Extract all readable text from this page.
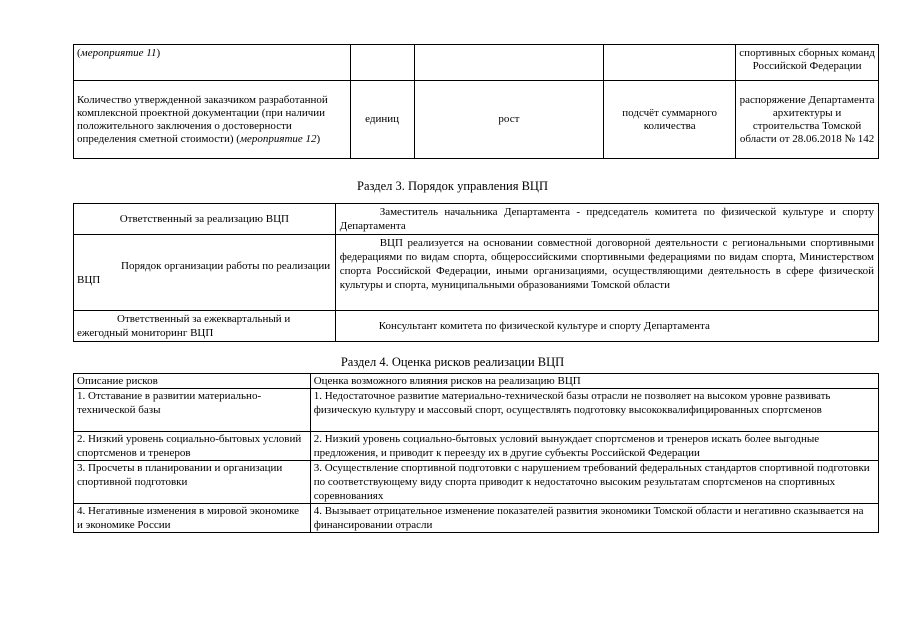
(мероприятие 11)				спортивных сборных команд Российской Федерации
Количество утвержденной заказчиком разработанной комплексной проектной документации (при наличии положительного заключения о достоверности определения сметной стоимости) (мероприятие 12)	единиц	рост	подсчёт суммарного количества	распоряжение Департамента архитектуры и строительства Томской области от 28.06.2018 № 142
Раздел 3. Порядок управления ВЦП
Ответственный за реализацию ВЦП	Заместитель начальника Департамента - председатель комитета по физической культуре и спорту Департамента
Порядок организации работы по реализации ВЦП	ВЦП реализуется на основании совместной договорной деятельности с региональными спортивными федерациями по видам спорта, общероссийскими спортивными федерациями по видам спорта, Министерством спорта Российской Федерации, иными организациями, осуществляющими деятельность в сфере физической культуры и спорта, муниципальными образованиями Томской области
Ответственный за ежеквартальный и ежегодный мониторинг ВЦП	Консультант комитета по физической культуре и спорту Департамента
Раздел 4. Оценка рисков реализации ВЦП
Описание рисков	Оценка возможного влияния рисков на реализацию ВЦП
1. Отставание в развитии материально-технической базы	1. Недостаточное развитие материально-технической базы отрасли не позволяет на высоком уровне развивать физическую культуру и массовый спорт, осуществлять подготовку высококвалифицированных спортсменов
2. Низкий уровень социально-бытовых условий спортсменов и тренеров	2. Низкий уровень социально-бытовых условий вынуждает спортсменов и тренеров искать более выгодные предложения, и приводит к переезду их в другие субъекты Российской Федерации
3. Просчеты в планировании и организации спортивной подготовки	3. Осуществление спортивной подготовки с нарушением требований федеральных стандартов спортивной подготовки по соответствующему виду спорта приводит к недостаточно высоким результатам спортсменов на спортивных соревнованиях
4. Негативные изменения в мировой экономике и экономике России	4. Вызывает отрицательное изменение показателей развития экономики Томской области и негативно сказывается на финансировании отрасли
